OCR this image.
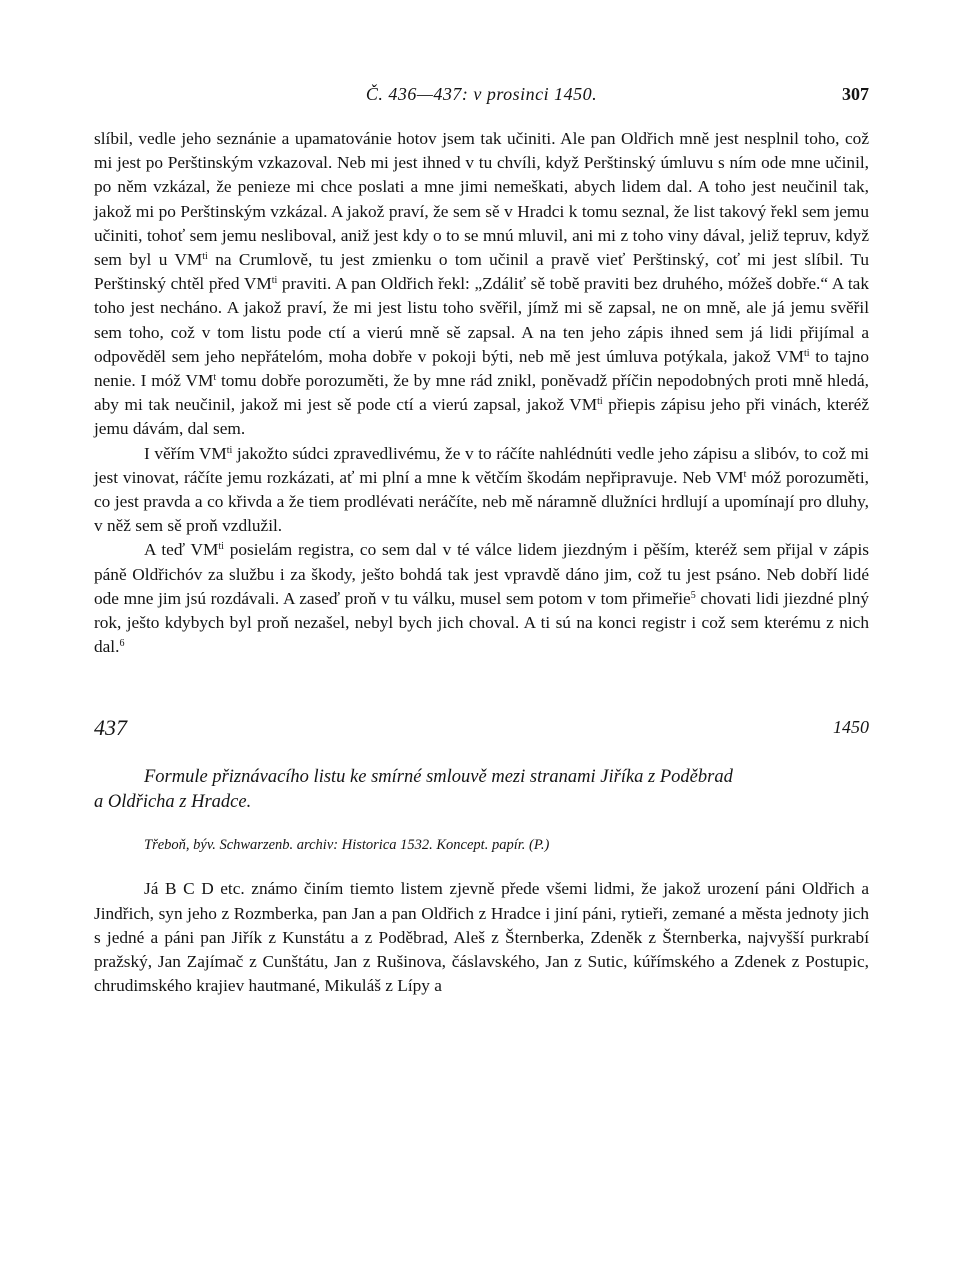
Č. 436—437: v prosinci 1450.	307

slíbil, vedle jeho seznánie a upamatovánie hotov jsem tak učiniti. Ale pan Oldřich mně jest nesplnil toho, což mi jest po Perštinským vzkazoval. Neb mi jest ihned v tu chvíli, když Perštinský úmluvu s ním ode mne učinil, po něm vzkázal, že penieze mi chce poslati a mne jimi nemeškati, abych lidem dal. A toho jest neučinil tak, jakož mi po Perštinským vzkázal. A jakož praví, že sem sě v Hradci k tomu seznal, že list takový řekl sem jemu učiniti, tohoť sem jemu nesliboval, aniž jest kdy o to se mnú mluvil, ani mi z toho viny dával, jeliž tepruv, když sem byl u $VM^{ti}$ na Crumlově, tu jest zmienku o tom učinil a pravě vieť Perštinský, coť mi jest slíbil. Tu Perštinský chtěl před $VM^{ti}$ praviti. A pan Oldřich řekl: „Zdáliť sě tobě praviti bez druhého, móžeš dobře.“ A tak toho jest necháno. A jakož praví, že mi jest listu toho svěřil, jímž mi sě zapsal, ne on mně, ale já jemu svěřil sem toho, což v tom listu pode ctí a vierú mně sě zapsal. A na ten jeho zápis ihned sem já lidi přijímal a odpověděl sem jeho nepřátelóm, moha dobře v pokoji býti, neb mě jest úmluva potýkala, jakož $VM^{ti}$ to tajno nenie. I móž $VM^t$ tomu dobře porozuměti, že by mne rád znikl, poněvadž příčin nepodobných proti mně hledá, aby mi tak neučinil, jakož mi jest sě pode ctí a vierú zapsal, jakož $VM^{ti}$ přiepis zápisu jeho při vinách, kteréž jemu dávám, dal sem.

I věřím $VM^{ti}$ jakožto súdci zpravedlivému, že v to ráčíte nahlédnúti vedle jeho zápisu a slibóv, to což mi jest vinovat, ráčíte jemu rozkázati, ať mi plní a mne k větčím škodám nepřipravuje. Neb $VM^t$ móž porozuměti, co jest pravda a co křivda a že tiem prodlévati neráčíte, neb mě náramně dlužníci hrdlují a upomínají pro dluhy, v něž sem sě proň vzdlužil.

A teď $VM^{ti}$ posielám registra, co sem dal v té válce lidem jiezdným i pěším, kteréž sem přijal v zápis páně Oldřichóv za službu i za škody, ješto bohdá tak jest vpravdě dáno jim, což tu jest psáno. Neb dobří lidé ode mne jim jsú rozdávali. A zaseď proň v tu válku, musel sem potom v tom přimeřie$^5$ chovati lidi jiezdné plný rok, ješto kdybych byl proň nezašel, nebyl bych jich choval. A ti sú na konci registr i což sem kterému z nich dal.$^6$

437	1450
Formule přiznávacího listu ke smírné smlouvě mezi stranami Jiříka z Poděbrad
a Oldřicha z Hradce.
Třeboň, býv. Schwarzenb. archiv: Historica 1532. Koncept. papír. (P.)

Já B C D etc. známo činím tiemto listem zjevně přede všemi lidmi, že jakož urození páni Oldřich a Jindřich, syn jeho z Rozmberka, pan Jan a pan Oldřich z Hradce i jiní páni, rytieři, zemané a města jednoty jich s jedné a páni pan Jiřík z Kunstátu a z Poděbrad, Aleš z Šternberka, Zdeněk z Šternberka, najvyšší purkrabí pražský, Jan Zajímač z Cunštátu, Jan z Rušinova, čáslavského, Jan z Sutic, kúřímského a Zdenek z Postupic, chrudimského krajiev hautmané, Mikuláš z Lípy a
